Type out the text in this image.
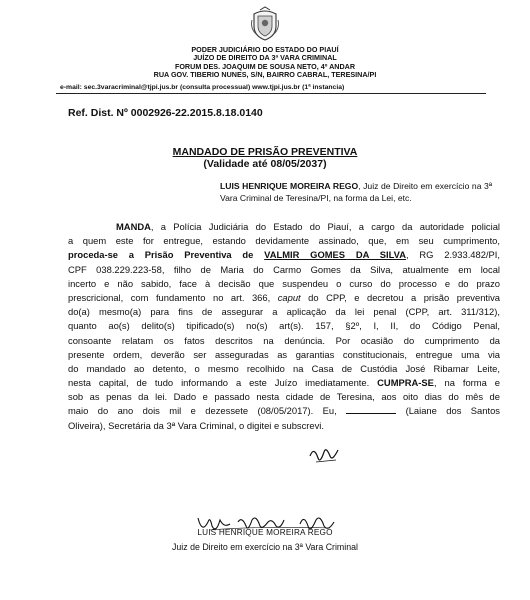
PODER JUDICIÁRIO DO ESTADO DO PIAUÍ
JUÍZO DE DIREITO DA 3ª VARA CRIMINAL
FORUM DES. JOAQUIM DE SOUSA NETO, 4º ANDAR
RUA GOV. TIBERIO NUNES, S/N, BAIRRO CABRAL, TERESINA/PI
e-mail: sec.3varacriminal@tjpi.jus.br (consulta processual) www.tjpi.jus.br (1ª instancia)
Ref. Dist. Nº 0002926-22.2015.8.18.0140
MANDADO DE PRISÃO PREVENTIVA
(Validade até 08/05/2037)
LUIS HENRIQUE MOREIRA REGO, Juiz de Direito em exercício na 3ª Vara Criminal de Teresina/PI, na forma da Lei, etc.
MANDA, a Polícia Judiciária do Estado do Piauí, a cargo da autoridade policial
a quem este for entregue, estando devidamente assinado, que, em seu cumprimento,
proceda-se a Prisão Preventiva de VALMIR GOMES DA SILVA, RG 2.933.482/PI,
CPF 038.229.223-58, filho de Maria do Carmo Gomes da Silva, atualmente em local
incerto e não sabido, face à decisão que suspendeu o curso do processo e do prazo
prescricional, com fundamento no art. 366, caput do CPP, e decretou a prisão preventiva
do(a) mesmo(a) para fins de assegurar a aplicação da lei penal (CPP, art. 311/312),
quanto ao(s) delito(s) tipificado(s) no(s) art(s). 157, §2º, I, II, do Código Penal,
consoante relatam os fatos descritos na denúncia. Por ocasião do cumprimento da
presente ordem, deverão ser asseguradas as garantias constitucionais, entregue uma via
do mandado ao detento, o mesmo recolhido na Casa de Custódia José Ribamar Leite,
nesta capital, de tudo informando a este Juízo imediatamente. CUMPRA-SE, na forma e
sob as penas da lei. Dado e passado nesta cidade de Teresina, aos oito dias do mês de
maio do ano dois mil e dezessete (08/05/2017). Eu,	(Laiane dos Santos
Oliveira), Secretária da 3ª Vara Criminal, o digitei e subscrevi.
LUIS HENRIQUE MOREIRA REGO
Juiz de Direito em exercício na 3ª Vara Criminal
